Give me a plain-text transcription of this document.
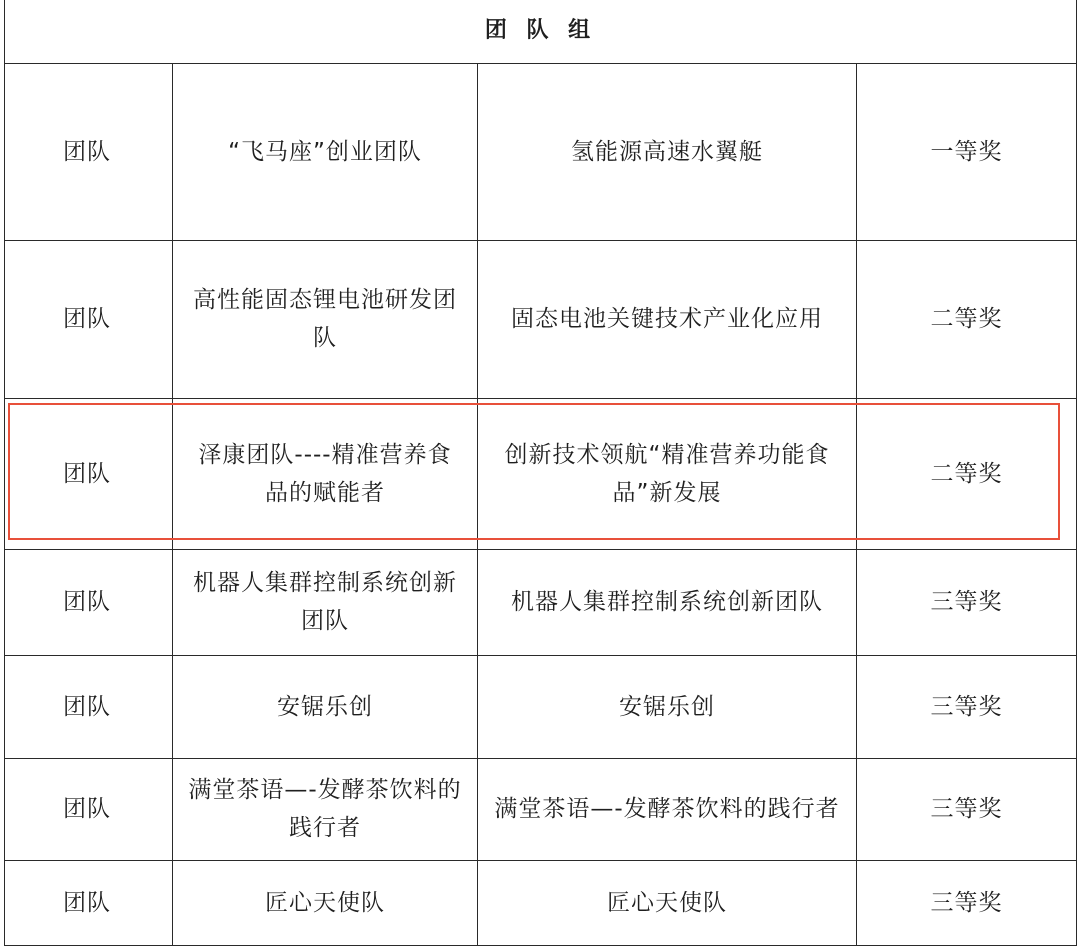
团 队 组			
团队	“飞马座”创业团队	氢能源高速水翼艇	一等奖
团队	高性能固态锂电池研发团队	固态电池关键技术产业化应用	二等奖
团队	泽康团队----精准营养食品的赋能者	创新技术领航“精准营养功能食品”新发展	二等奖
团队	机器人集群控制系统创新团队	机器人集群控制系统创新团队	三等奖
团队	安锯乐创	安锯乐创	三等奖
团队	满堂茶语—-发酵茶饮料的践行者	满堂茶语—-发酵茶饮料的践行者	三等奖
团队	匠心天使队	匠心天使队	三等奖
